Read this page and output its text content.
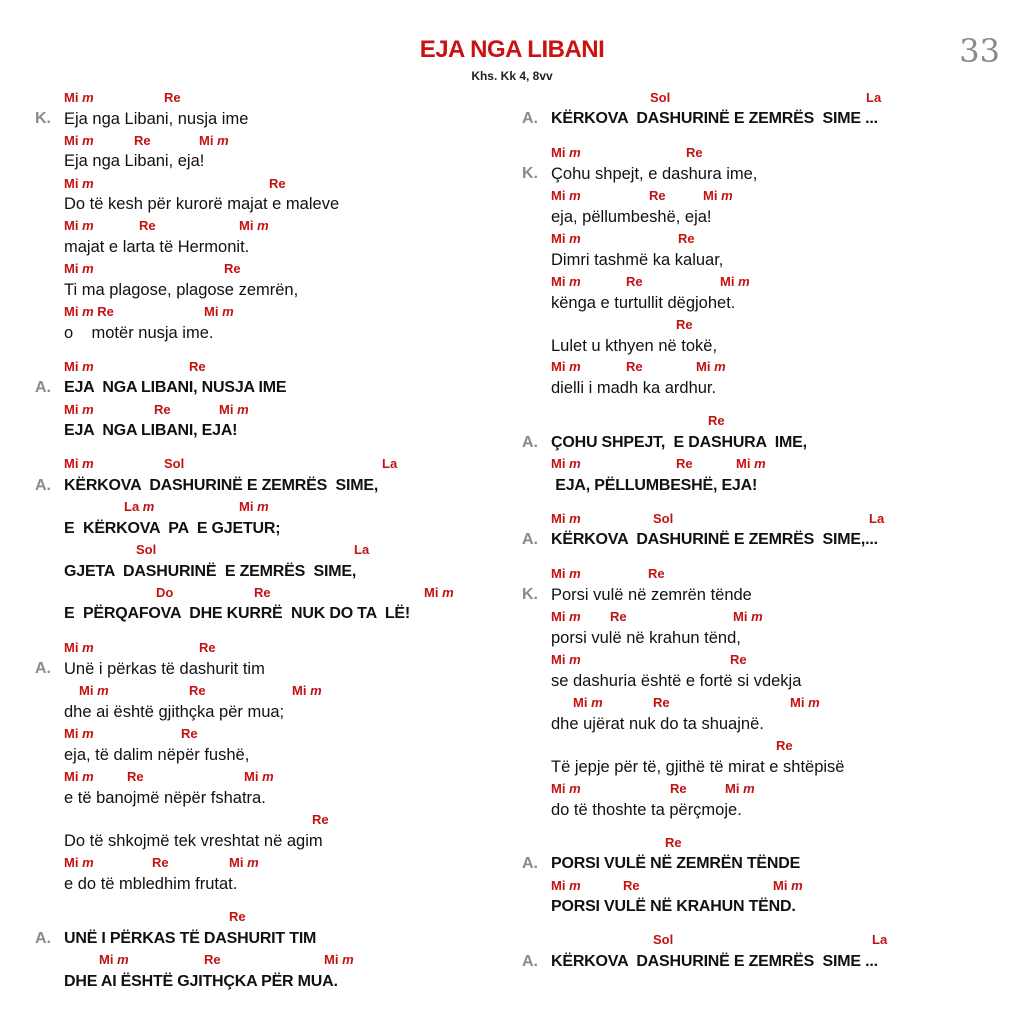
EJA NGA LIBANI
Khs. Kk 4, 8vv
33
Mi m	Re
K. Eja nga Libani, nusja ime
Mi m	Re	Mi m
Eja nga Libani, eja!
Mi m	Re
Do të kesh për kurorë majat e maleve
Mi m	Re	Mi m
majat e larta të Hermonit.
Mi m	Re
Ti ma plagose, plagose zemrën,
Mi m Re	Mi m
o    motër nusja ime.
Mi m	Re
A. EJA  NGA LIBANI, NUSJA IME
Mi m	Re	Mi m
EJA  NGA LIBANI, EJA!
Mi m	Sol	La
A. KËRKOVA  DASHURINË E ZEMRËS  SIME,
La m	Mi m
E  KËRKOVA  PA  E GJETUR;
Sol	La
GJETA  DASHURINË  E ZEMRËS  SIME,
Do	Re	Mi m
E  PËRQAFOVA  DHE KURRË  NUK DO TA  LË!
Mi m	Re
A. Unë i përkas të dashurit tim
Mi m	Re	Mi m
dhe ai është gjithçka për mua;
Mi m	Re
eja, të dalim nëpër fushë,
Mi m	Re	Mi m
e të banojmë nëpër fshatra.
Re
Do të shkojmë tek vreshtat në agim
Mi m	Re	Mi m
e do të mbledhim frutat.
Re
A. UNË I PËRKAS TË DASHURIT TIM
Mi m	Re	Mi m
DHE AI ËSHTË GJITHÇKA PËR MUA.
Sol	La
A. KËRKOVA  DASHURINË E ZEMRËS  SIME ...
Mi m	Re
K. Çohu shpejt, e dashura ime,
Mi m	Re	Mi m
eja, pëllumbeshë, eja!
Mi m	Re
Dimri tashmë ka kaluar,
Mi m	Re	Mi m
kënga e turtullit dëgjohet.
Re
Lulet u kthyen në tokë,
Mi m	Re	Mi m
dielli i madh ka ardhur.
Re
A. ÇOHU SHPEJT,  E DASHURA  IME,
Mi m	Re	Mi m
EJA, PËLLUMBESHË, EJA!
Mi m	Sol	La
A. KËRKOVA  DASHURINË E ZEMRËS  SIME,...
Mi m	Re
K. Porsi vulë në zemrën tënde
Mi m Re	Mi m
porsi vulë në krahun tënd,
Mi m	Re
se dashuria është e fortë si vdekja
Mi m	Re	Mi m
dhe ujërat nuk do ta shuajnë.
Re
Të jepje për të, gjithë të mirat e shtëpisë
Mi m	Re	Mi m
do të thoshte ta përçmoje.
Re
A. PORSI VULË NË ZEMRËN TËNDE
Mi m	Re	Mi m
PORSI VULË NË KRAHUN TËND.
Sol	La
A. KËRKOVA  DASHURINË E ZEMRËS  SIME ...
